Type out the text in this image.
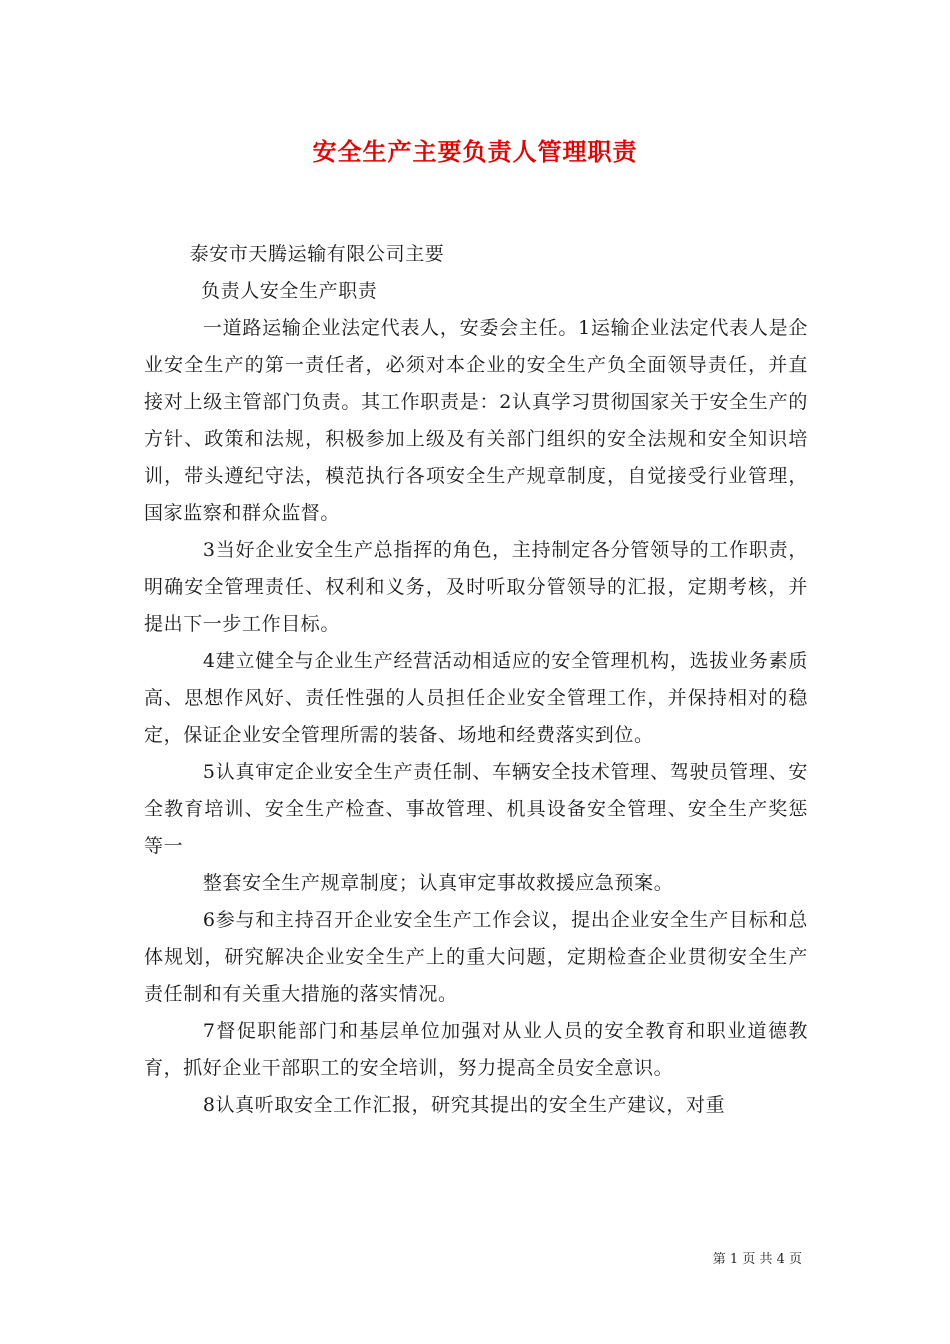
安全生产主要负责人管理职责

泰安市天腾运输有限公司主要

负责人安全生产职责

一道路运输企业法定代表人，安委会主任。1运输企业法定代表人是企业安全生产的第一责任者，必须对本企业的安全生产负全面领导责任，并直接对上级主管部门负责。其工作职责是：2认真学习贯彻国家关于安全生产的方针、政策和法规，积极参加上级及有关部门组织的安全法规和安全知识培训，带头遵纪守法，模范执行各项安全生产规章制度，自觉接受行业管理，国家监察和群众监督。

3当好企业安全生产总指挥的角色，主持制定各分管领导的工作职责，明确安全管理责任、权利和义务，及时听取分管领导的汇报，定期考核，并提出下一步工作目标。

4建立健全与企业生产经营活动相适应的安全管理机构，选拔业务素质高、思想作风好、责任性强的人员担任企业安全管理工作，并保持相对的稳定，保证企业安全管理所需的装备、场地和经费落实到位。

5认真审定企业安全生产责任制、车辆安全技术管理、驾驶员管理、安全教育培训、安全生产检查、事故管理、机具设备安全管理、安全生产奖惩等一

整套安全生产规章制度；认真审定事故救援应急预案。

6参与和主持召开企业安全生产工作会议，提出企业安全生产目标和总体规划，研究解决企业安全生产上的重大问题，定期检查企业贯彻安全生产责任制和有关重大措施的落实情况。

7督促职能部门和基层单位加强对从业人员的安全教育和职业道德教育，抓好企业干部职工的安全培训，努力提高全员安全意识。

8认真听取安全工作汇报，研究其提出的安全生产建议，对重

第 1 页 共 4 页
